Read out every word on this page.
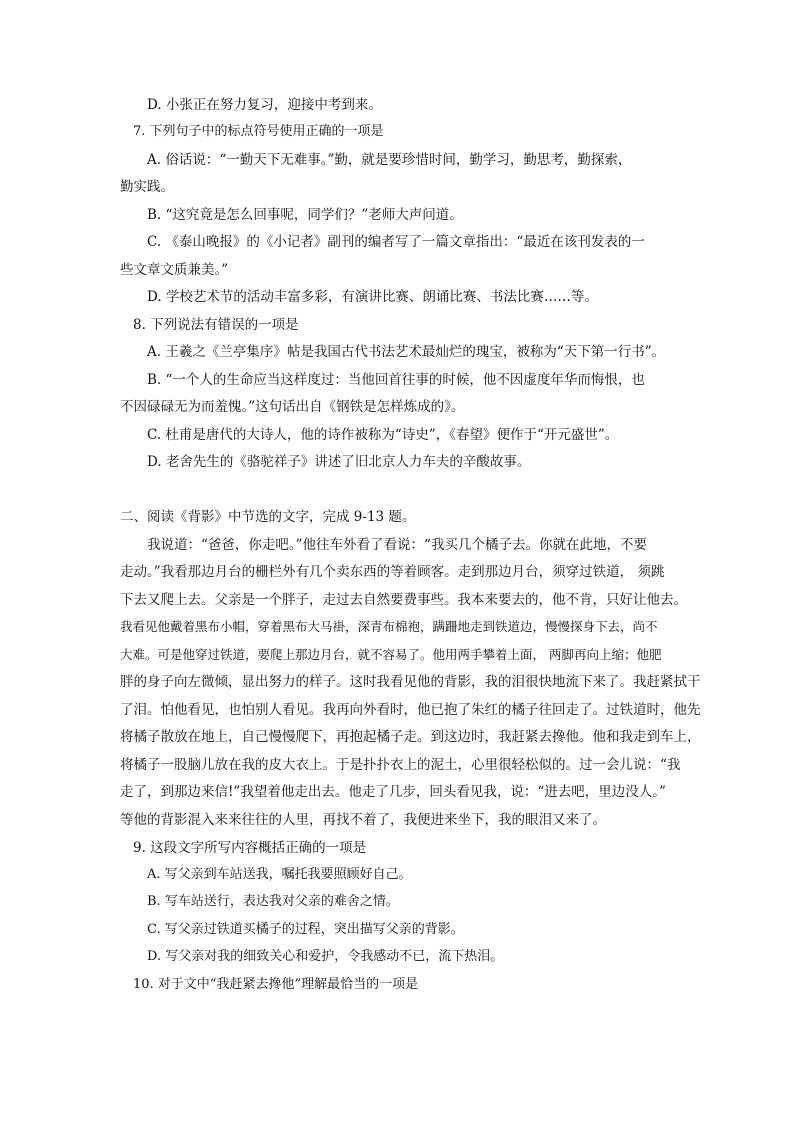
D. 小张正在努力复习，迎接中考到来。
7. 下列句子中的标点符号使用正确的一项是
A. 俗话说：“一勤天下无难事。”勤，就是要珍惜时间，勤学习，勤思考，勤探索，
勤实践。
B. “这究竟是怎么回事呢，同学们？”老师大声问道。
C. 《泰山晚报》的《小记者》副刊的编者写了一篇文章指出：“最近在该刊发表的一
些文章文质兼美。”
D. 学校艺术节的活动丰富多彩，有演讲比赛、朗诵比赛、书法比赛……等。
8. 下列说法有错误的一项是
A. 王羲之《兰亭集序》帖是我国古代书法艺术最灿烂的瑰宝，被称为“天下第一行书”。
B. “一个人的生命应当这样度过：当他回首往事的时候，他不因虚度年华而悔恨，也
不因碌碌无为而羞愧。”这句话出自《钢铁是怎样炼成的》。
C. 杜甫是唐代的大诗人，他的诗作被称为“诗史”，《春望》便作于“开元盛世”。
D. 老舍先生的《骆驼祥子》讲述了旧北京人力车夫的辛酸故事。
二、阅读《背影》中节选的文字，完成 9-13 题。
我说道：“爸爸，你走吧。”他往车外看了看说：“我买几个橘子去。你就在此地，不要
走动。”我看那边月台的栅栏外有几个卖东西的等着顾客。走到那边月台，须穿过铁道， 须跳
下去又爬上去。父亲是一个胖子，走过去自然要费事些。我本来要去的，他不肯，只好让他去。
我看见他戴着黑布小帽，穿着黑布大马褂，深青布棉袍，蹒跚地走到铁道边，慢慢探身下去，尚不
大难。可是他穿过铁道，要爬上那边月台，就不容易了。他用两手攀着上面， 两脚再向上缩；他肥
胖的身子向左微倾，显出努力的样子。这时我看见他的背影，我的泪很快地流下来了。我赶紧拭干
了泪。怕他看见，也怕别人看见。我再向外看时，他已抱了朱红的橘子往回走了。过铁道时，他先
将橘子散放在地上，自己慢慢爬下，再抱起橘子走。到这边时，我赶紧去搀他。他和我走到车上，
将橘子一股脑儿放在我的皮大衣上。于是扑扑衣上的泥土，心里很轻松似的。过一会儿说：“我
走了，到那边来信!”我望着他走出去。他走了几步，回头看见我，说：“进去吧，里边没人。”
等他的背影混入来来往往的人里，再找不着了，我便进来坐下，我的眼泪又来了。
9. 这段文字所写内容概括正确的一项是
A. 写父亲到车站送我，嘱托我要照顾好自己。
B. 写车站送行，表达我对父亲的难舍之情。
C. 写父亲过铁道买橘子的过程，突出描写父亲的背影。
D. 写父亲对我的细致关心和爱护，令我感动不已，流下热泪。
10. 对于文中“我赶紧去搀他”理解最恰当的一项是
